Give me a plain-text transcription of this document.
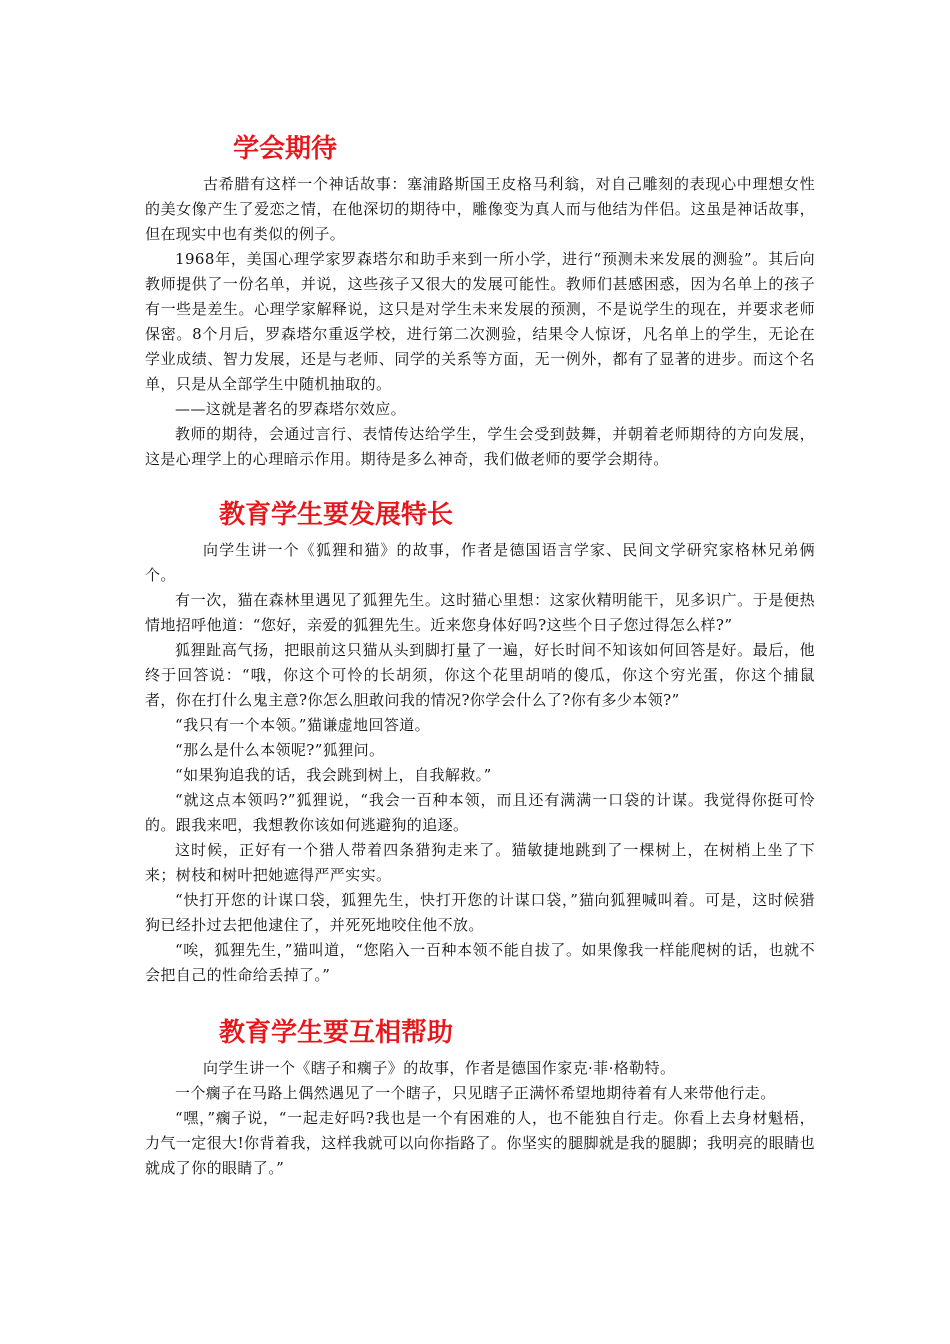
学会期待

古希腊有这样一个神话故事：塞浦路斯国王皮格马利翁，对自己雕刻的表现心中理想女性的美女像产生了爱恋之情，在他深切的期待中，雕像变为真人而与他结为伴侣。这虽是神话故事，但在现实中也有类似的例子。

1968年，美国心理学家罗森塔尔和助手来到一所小学，进行“预测未来发展的测验”。其后向教师提供了一份名单，并说，这些孩子又很大的发展可能性。教师们甚感困惑，因为名单上的孩子有一些是差生。心理学家解释说，这只是对学生未来发展的预测，不是说学生的现在，并要求老师保密。8个月后，罗森塔尔重返学校，进行第二次测验，结果令人惊讶，凡名单上的学生，无论在学业成绩、智力发展，还是与老师、同学的关系等方面，无一例外，都有了显著的进步。而这个名单，只是从全部学生中随机抽取的。

——这就是著名的罗森塔尔效应。

教师的期待，会通过言行、表情传达给学生，学生会受到鼓舞，并朝着老师期待的方向发展，这是心理学上的心理暗示作用。期待是多么神奇，我们做老师的要学会期待。

教育学生要发展特长

向学生讲一个《狐狸和猫》的故事，作者是德国语言学家、民间文学研究家格林兄弟俩个。

有一次，猫在森林里遇见了狐狸先生。这时猫心里想：这家伙精明能干，见多识广。于是便热情地招呼他道：“您好，亲爱的狐狸先生。近来您身体好吗?这些个日子您过得怎么样?”

狐狸趾高气扬，把眼前这只猫从头到脚打量了一遍，好长时间不知该如何回答是好。最后，他终于回答说：“哦，你这个可怜的长胡须，你这个花里胡哨的傻瓜，你这个穷光蛋，你这个捕鼠者，你在打什么鬼主意?你怎么胆敢问我的情况?你学会什么了?你有多少本领?”

“我只有一个本领。”猫谦虚地回答道。

“那么是什么本领呢?”狐狸问。

“如果狗追我的话，我会跳到树上，自我解救。”

“就这点本领吗?”狐狸说，“我会一百种本领，而且还有满满一口袋的计谋。我觉得你挺可怜的。跟我来吧，我想教你该如何逃避狗的追逐。

这时候，正好有一个猎人带着四条猎狗走来了。猫敏捷地跳到了一棵树上，在树梢上坐了下来；树枝和树叶把她遮得严严实实。

“快打开您的计谋口袋，狐狸先生，快打开您的计谋口袋，”猫向狐狸喊叫着。可是，这时候猎狗已经扑过去把他逮住了，并死死地咬住他不放。

“唉，狐狸先生，”猫叫道，“您陷入一百种本领不能自拔了。如果像我一样能爬树的话，也就不会把自己的性命给丢掉了。”

教育学生要互相帮助

向学生讲一个《瞎子和瘸子》的故事，作者是德国作家克·菲·格勒特。

一个瘸子在马路上偶然遇见了一个瞎子，只见瞎子正满怀希望地期待着有人来带他行走。

“嘿，”瘸子说，“一起走好吗?我也是一个有困难的人，也不能独自行走。你看上去身材魁梧，力气一定很大!你背着我，这样我就可以向你指路了。你坚实的腿脚就是我的腿脚；我明亮的眼睛也就成了你的眼睛了。”
